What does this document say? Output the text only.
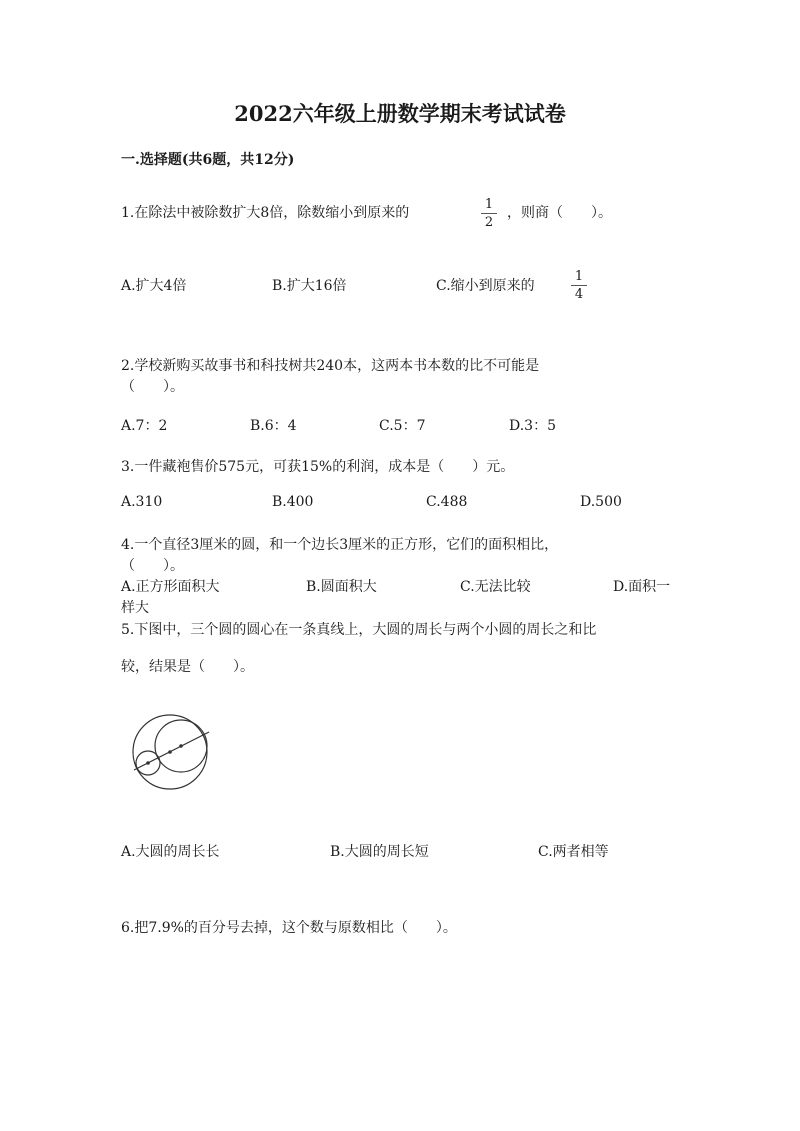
2022六年级上册数学期末考试试卷
一.选择题(共6题，共12分)
1.在除法中被除数扩大8倍，除数缩小到原来的
1
2
，则商（　　）。
A.扩大4倍	B.扩大16倍	C.缩小到原来的
1
4
2.学校新购买故事书和科技树共240本，这两本书本数的比不可能是
（　　）。
A.7：2	B.6：4	C.5：7	D.3：5
3.一件藏袍售价575元，可获15%的利润，成本是（　　）元。
A.310	B.400	C.488	D.500
4.一个直径3厘米的圆，和一个边长3厘米的正方形，它们的面积相比，
（　　）。
A.正方形面积大	B.圆面积大	C.无法比较	D.面积一
样大
5.下图中，三个圆的圆心在一条真线上，大圆的周长与两个小圆的周长之和比
较，结果是（　　）。
A.大圆的周长长	B.大圆的周长短	C.两者相等
6.把7.9%的百分号去掉，这个数与原数相比（　　）。
